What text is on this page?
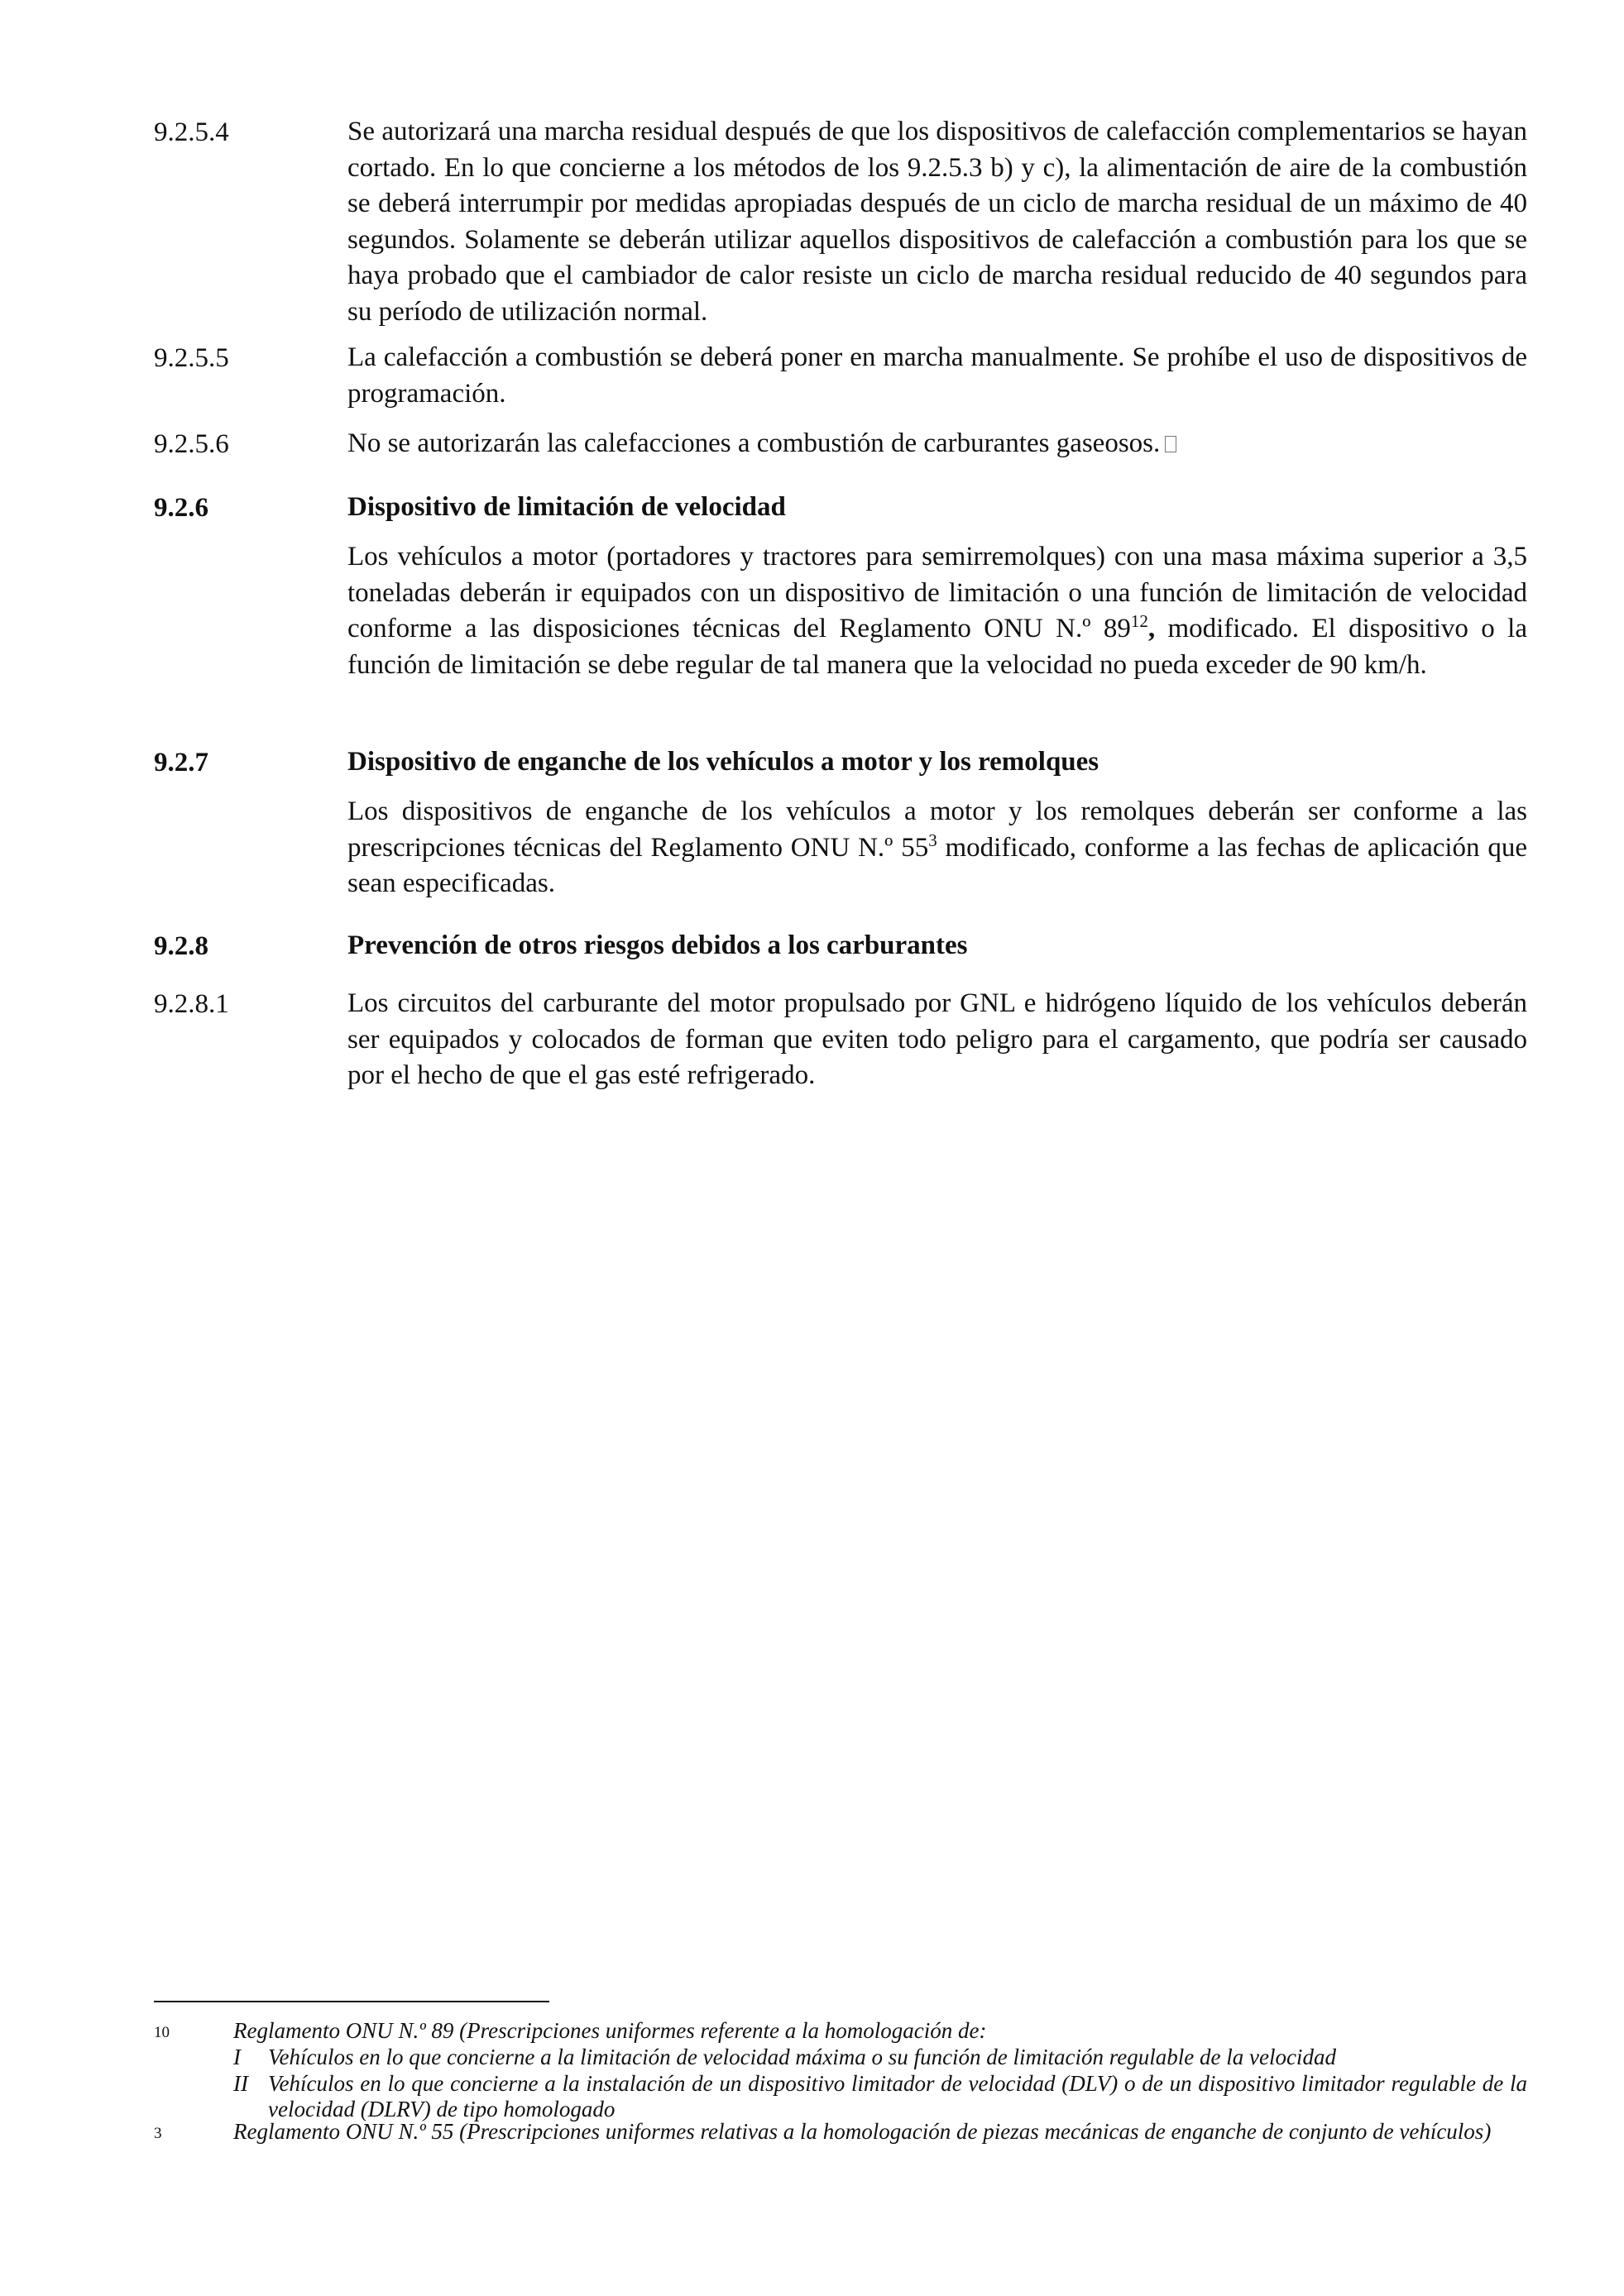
9.2.5.4	Se autorizará una marcha residual después de que los dispositivos de calefacción complementarios se hayan cortado. En lo que concierne a los métodos de los 9.2.5.3 b) y c), la alimentación de aire de la combustión se deberá interrumpir por medidas apropiadas después de un ciclo de marcha residual de un máximo de 40 segundos. Solamente se deberán utilizar aquellos dispositivos de calefacción a combustión para los que se haya probado que el cambiador de calor resiste un ciclo de marcha residual reducido de 40 segundos para su período de utilización normal.
9.2.5.5	La calefacción a combustión se deberá poner en marcha manualmente. Se prohíbe el uso de dispositivos de programación.
9.2.5.6	No se autorizarán las calefacciones a combustión de carburantes gaseosos.
9.2.6	Dispositivo de limitación de velocidad
Los vehículos a motor (portadores y tractores para semirremolques) con una masa máxima superior a 3,5 toneladas deberán ir equipados con un dispositivo de limitación o una función de limitación de velocidad conforme a las disposiciones técnicas del Reglamento ONU N.º $89^{12}$, modificado. El dispositivo o la función de limitación se debe regular de tal manera que la velocidad no pueda exceder de 90 km/h.
9.2.7	Dispositivo de enganche de los vehículos a motor y los remolques
Los dispositivos de enganche de los vehículos a motor y los remolques deberán ser conforme a las prescripciones técnicas del Reglamento ONU N.º $55^3$ modificado, conforme a las fechas de aplicación que sean especificadas.
9.2.8	Prevención de otros riesgos debidos a los carburantes
9.2.8.1	Los circuitos del carburante del motor propulsado por GNL e hidrógeno líquido de los vehículos deberán ser equipados y colocados de forman que eviten todo peligro para el cargamento, que podría ser causado por el hecho de que el gas esté refrigerado.
10	Reglamento ONU N.º 89 (Prescripciones uniformes referente a la homologación de:
I Vehículos en lo que concierne a la limitación de velocidad máxima o su función de limitación regulable de la velocidad
II Vehículos en lo que concierne a la instalación de un dispositivo limitador de velocidad (DLV) o de un dispositivo limitador regulable de la velocidad (DLRV) de tipo homologado
3	Reglamento ONU N.º 55 (Prescripciones uniformes relativas a la homologación de piezas mecánicas de enganche de conjunto de vehículos)
